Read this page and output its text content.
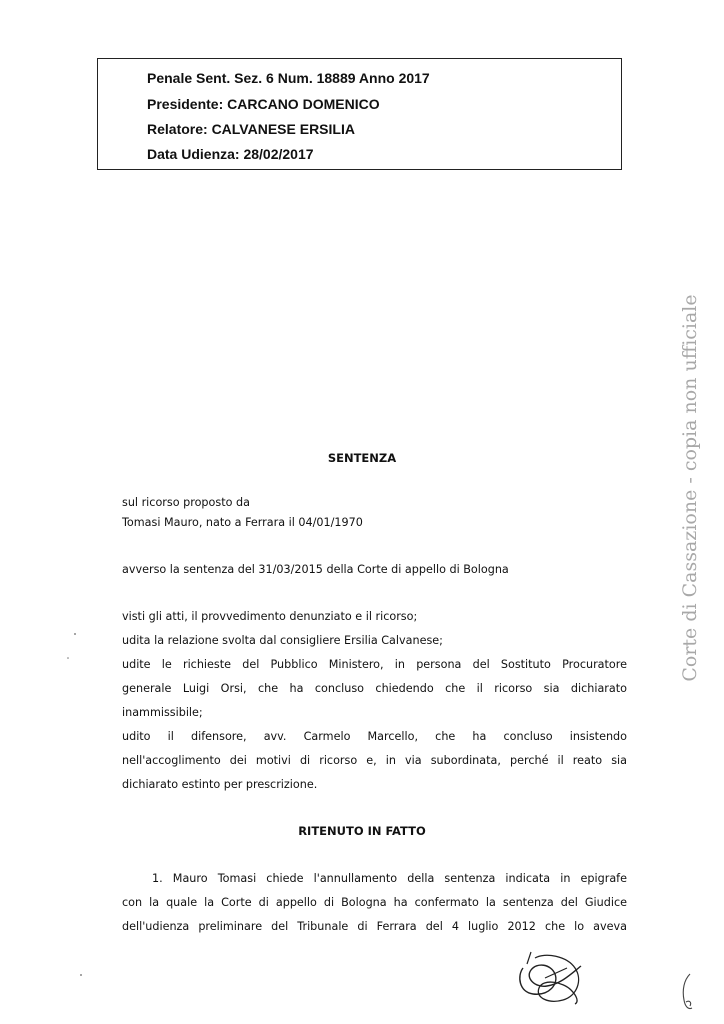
Penale Sent. Sez. 6 Num. 18889 Anno 2017
Presidente: CARCANO DOMENICO
Relatore: CALVANESE ERSILIA
Data Udienza: 28/02/2017
Corte di Cassazione - copia non ufficiale
SENTENZA
sul ricorso proposto da
Tomasi Mauro, nato a Ferrara il 04/01/1970
avverso la sentenza del 31/03/2015 della Corte di appello di Bologna
visti gli atti, il provvedimento denunziato e il ricorso;
udita la relazione svolta dal consigliere Ersilia Calvanese;
udite le richieste del Pubblico Ministero, in persona del Sostituto Procuratore
generale Luigi Orsi, che ha concluso chiedendo che il ricorso sia dichiarato
inammissibile;
udito il difensore, avv. Carmelo Marcello, che ha concluso insistendo
nell'accoglimento dei motivi di ricorso e, in via subordinata, perché il reato sia
dichiarato estinto per prescrizione.
RITENUTO IN FATTO
1. Mauro Tomasi chiede l'annullamento della sentenza indicata in epigrafe
con la quale la Corte di appello di Bologna ha confermato la sentenza del Giudice
dell'udienza preliminare del Tribunale di Ferrara del 4 luglio 2012 che lo aveva
